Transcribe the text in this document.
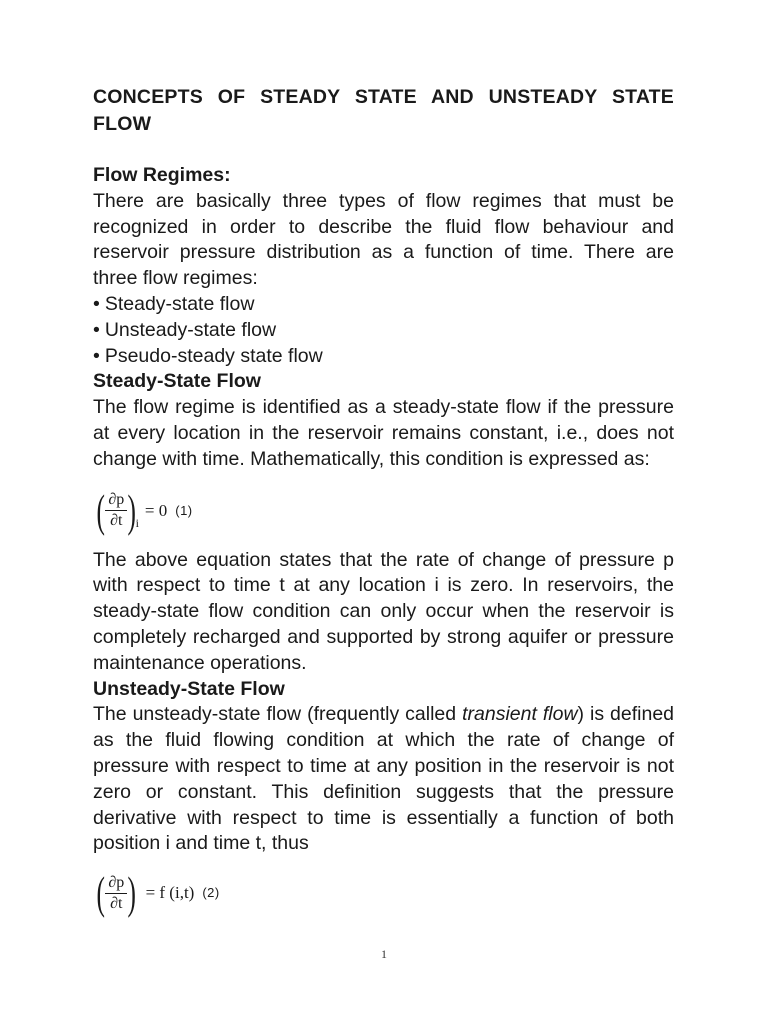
CONCEPTS OF STEADY STATE AND UNSTEADY STATE FLOW
Flow Regimes:

There are basically three types of flow regimes that must be recognized in order to describe the fluid flow behaviour and reservoir pressure distribution as a function of time. There are three flow regimes:

• Steady-state flow
• Unsteady-state flow
• Pseudo-steady state flow
Steady-State Flow

The flow regime is identified as a steady-state flow if the pressure at every location in the reservoir remains constant, i.e., does not change with time. Mathematically, this condition is expressed as:

( $\frac{\partial p}{\partial t}$ ) i
= 0 (1)

The above equation states that the rate of change of pressure p with respect to time t at any location i is zero. In reservoirs, the steady-state flow condition can only occur when the reservoir is completely recharged and supported by strong aquifer or pressure maintenance operations.

Unsteady-State Flow

The unsteady-state flow (frequently called transient flow) is defined as the fluid flowing condition at which the rate of change of pressure with respect to time at any position in the reservoir is not zero or constant. This definition suggests that the pressure derivative with respect to time is essentially a function of both position i and time t, thus

( $\frac{\partial p}{\partial t}$ ) = f (i,t) (2)
1
